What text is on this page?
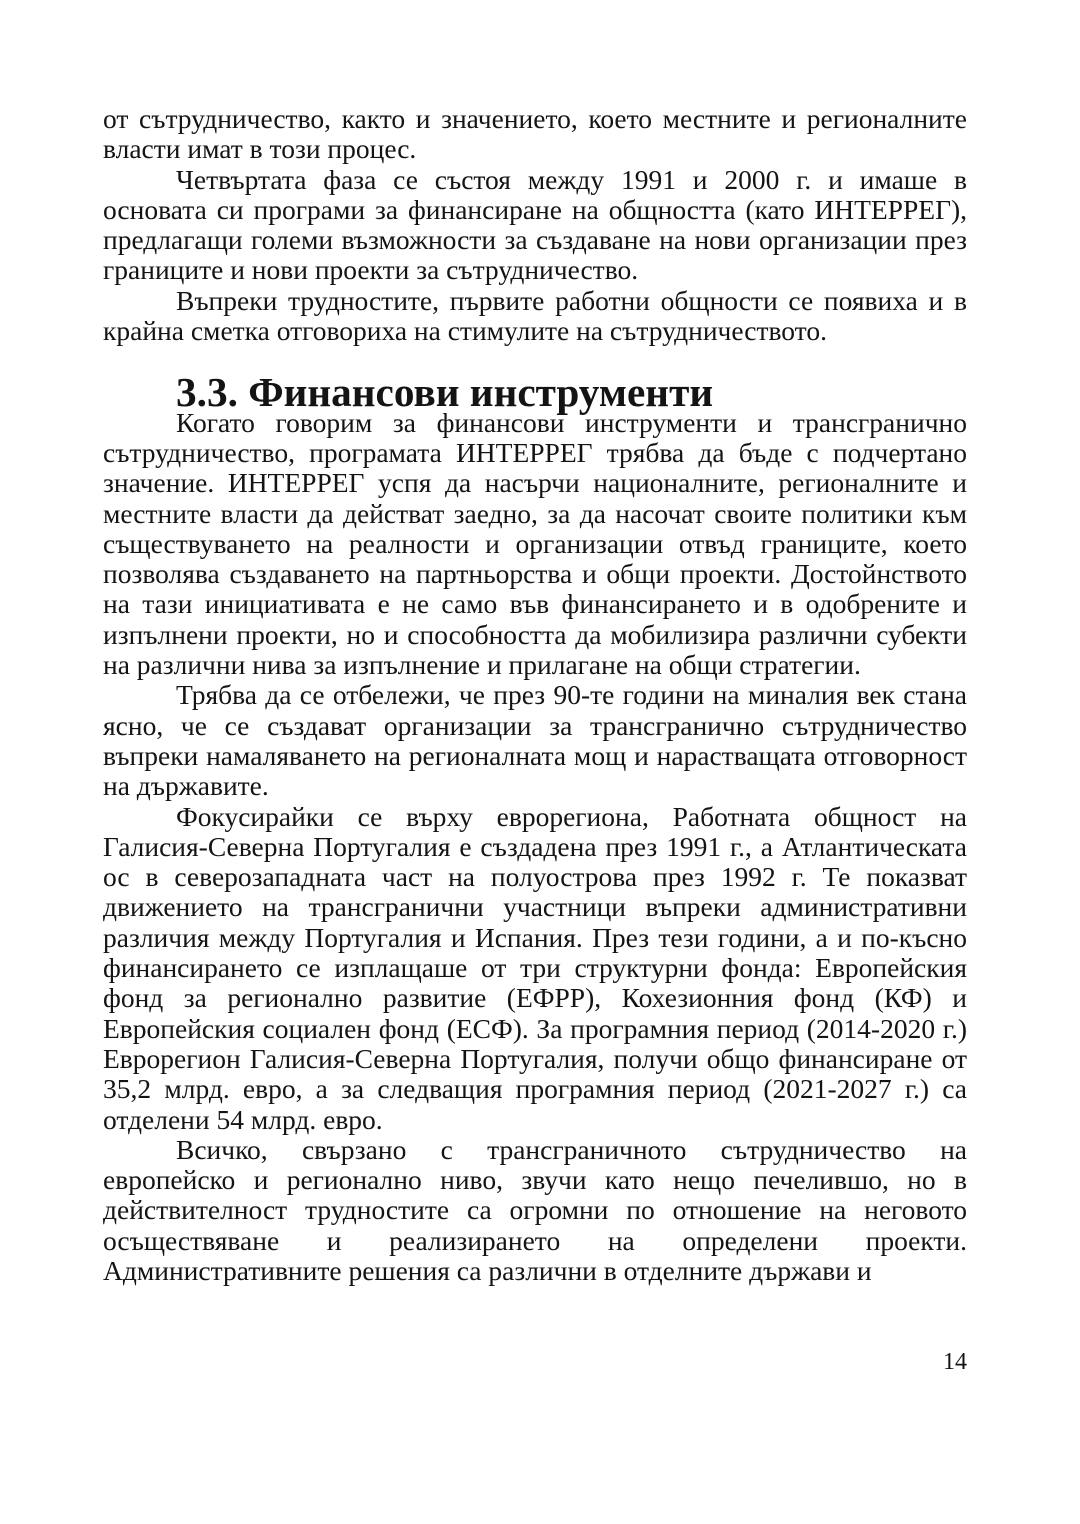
от сътрудничество, както и значението, което местните и регионалните власти имат в този процес.

Четвъртата фаза се състоя между 1991 и 2000 г. и имаше в основата си програми за финансиране на общността (като ИНТЕРРЕГ), предлагащи големи възможности за създаване на нови организации през границите и нови проекти за сътрудничество.

Въпреки трудностите, първите работни общности се появиха и в крайна сметка отговориха на стимулите на сътрудничеството.

3.3. Финансови инструменти

Когато говорим за финансови инструменти и трансгранично сътрудничество, програмата ИНТЕРРЕГ трябва да бъде с подчертано значение. ИНТЕРРЕГ успя да насърчи националните, регионалните и местните власти да действат заедно, за да насочат своите политики към съществуването на реалности и организации отвъд границите, което позволява създаването на партньорства и общи проекти. Достойнството на тази инициативата е не само във финансирането и в одобрените и изпълнени проекти, но и способността да мобилизира различни субекти на различни нива за изпълнение и прилагане на общи стратегии.

Трябва да се отбележи, че през 90-те години на миналия век стана ясно, че се създават организации за трансгранично сътрудничество въпреки намаляването на регионалната мощ и нарастващата отговорност на държавите.

Фокусирайки се върху еврорегиона, Работната общност на Галисия-Северна Португалия е създадена през 1991 г., а Атлантическата ос в северозападната част на полуострова през 1992 г. Те показват движението на трансгранични участници въпреки административни различия между Португалия и Испания. През тези години, а и по-късно финансирането се изплащаше от три структурни фонда: Европейския фонд за регионално развитие (ЕФРР), Кохезионния фонд (КФ) и Европейския социален фонд (ЕСФ). За програмния период (2014-2020 г.) Еврорегион Галисия-Северна Португалия, получи общо финансиране от 35,2 млрд. евро, а за следващия програмния период (2021-2027 г.) са отделени 54 млрд. евро.

Всичко, свързано с трансграничното сътрудничество на европейско и регионално ниво, звучи като нещо печелившо, но в действителност трудностите са огромни по отношение на неговото осъществяване и реализирането на определени проекти. Административните решения са различни в отделните държави и

14
